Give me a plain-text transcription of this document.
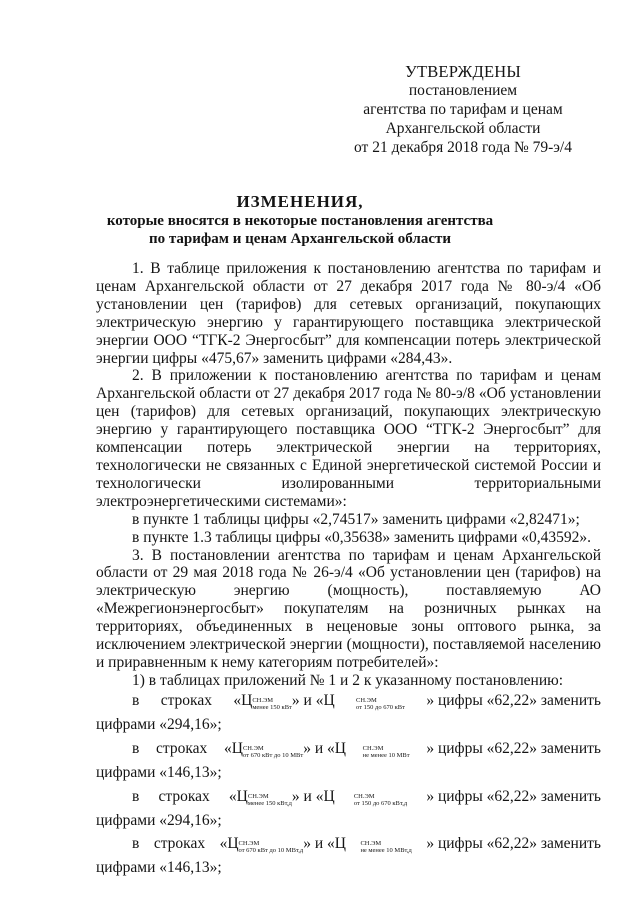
УТВЕРЖДЕНЫ
постановлением
агентства по тарифам и ценам
Архангельской области
от 21 декабря 2018 года № 79-э/4
ИЗМЕНЕНИЯ,
которые вносятся в некоторые постановления агентства
по тарифам и ценам Архангельской области

1. В таблице приложения к постановлению агентства по тарифам и ценам Архангельской области от 27 декабря 2017 года № 80-э/4 «Об установлении цен (тарифов) для сетевых организаций, покупающих электрическую энергию у гарантирующего поставщика электрической энергии ООО “ТГК-2 Энергосбыт” для компенсации потерь электрической энергии цифры «475,67» заменить цифрами «284,43».

2. В приложении к постановлению агентства по тарифам и ценам Архангельской области от 27 декабря 2017 года № 80-э/8 «Об установлении цен (тарифов) для сетевых организаций, покупающих электрическую энергию у гарантирующего поставщика ООО “ТГК-2 Энергосбыт” для компенсации потерь электрической энергии на территориях, технологически не связанных с Единой энергетической системой России и технологически изолированными территориальными электроэнергетическими системами»:

в пункте 1 таблицы цифры «2,74517» заменить цифрами «2,82471»;

в пункте 1.3 таблицы цифры «0,35638» заменить цифрами «0,43592».

3. В постановлении агентства по тарифам и ценам Архангельской области от 29 мая 2018 года № 26-э/4 «Об установлении цен (тарифов) на электрическую энергию (мощность), поставляемую АО «Межрегионэнергосбыт» покупателям на розничных рынках на территориях, объединенных в неценовые зоны оптового рынка, за исключением электрической энергии (мощности), поставляемой населению и приравненным к нему категориям потребителей»:

1) в таблицах приложений № 1 и 2 к указанному постановлению:

в строках «Ц СН.ЭМ
менее 150 кВт » и «Ц	СН.ЭМ
от 150 до 670 кВт » цифры «62,22» заменить
цифрами «294,16»;
в строках «Ц СН.ЭМ
от 670 кВт до 10 МВт » и «Ц	СН.ЭМ
не менее 10 МВт » цифры «62,22» заменить
цифрами «146,13»;
в строках «Ц СН.ЭМ
менее 150 кВт,д » и «Ц	СН.ЭМ
от 150 до 670 кВт,д » цифры «62,22» заменить
цифрами «294,16»;
в строках «Ц СН.ЭМ
от 670 кВт до 10 МВт,д » и «Ц СН.ЭМ
не менее 10 МВт,д » цифры «62,22» заменить
цифрами «146,13»;
